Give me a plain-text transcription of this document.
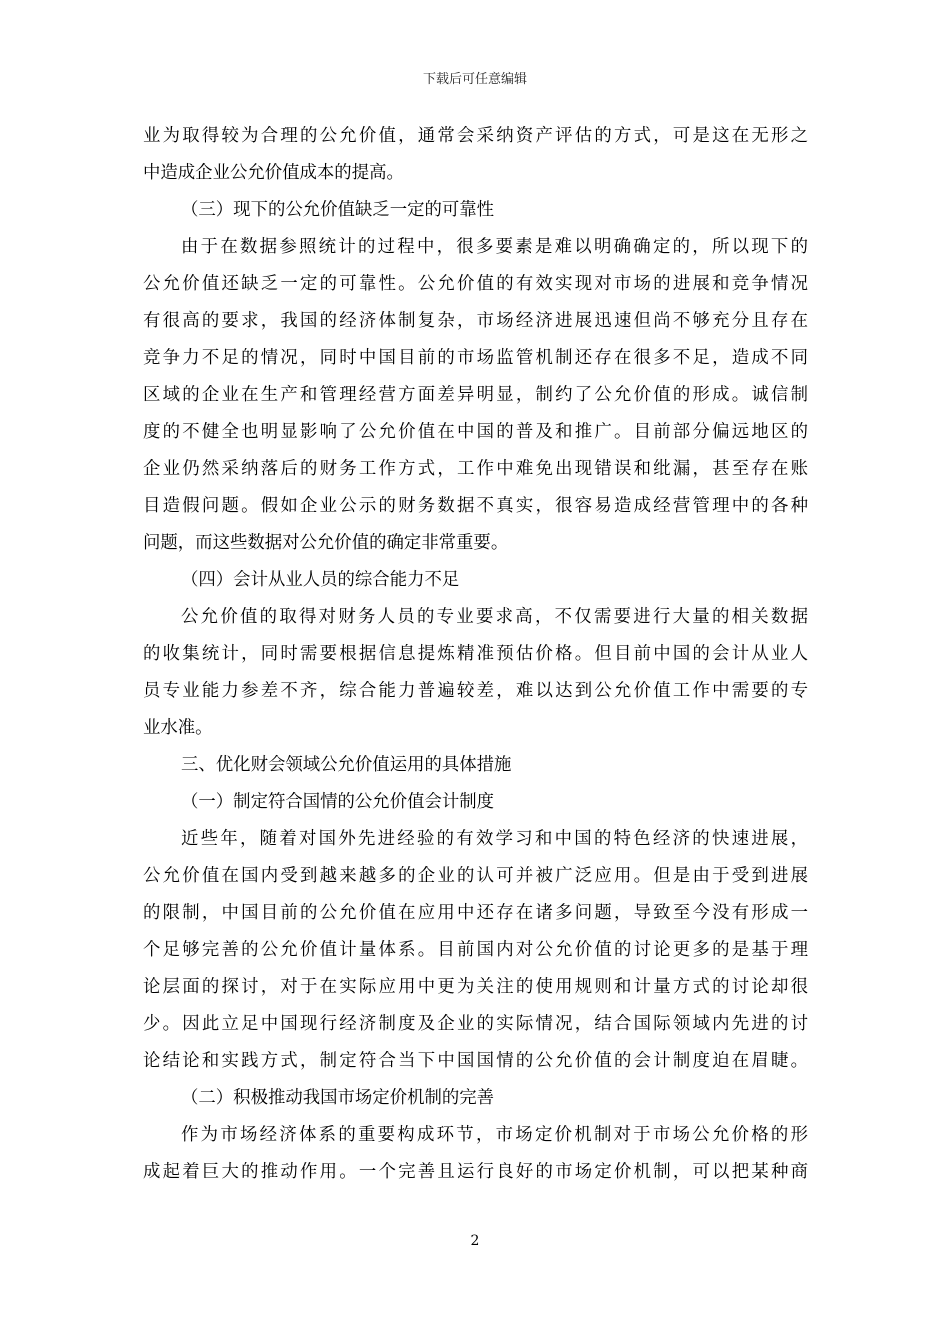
下载后可任意编辑
业为取得较为合理的公允价值，通常会采纳资产评估的方式，可是这在无形之
中造成企业公允价值成本的提高。
（三）现下的公允价值缺乏一定的可靠性
由于在数据参照统计的过程中，很多要素是难以明确确定的，所以现下的
公允价值还缺乏一定的可靠性。公允价值的有效实现对市场的进展和竞争情况
有很高的要求，我国的经济体制复杂，市场经济进展迅速但尚不够充分且存在
竞争力不足的情况，同时中国目前的市场监管机制还存在很多不足，造成不同
区域的企业在生产和管理经营方面差异明显，制约了公允价值的形成。诚信制
度的不健全也明显影响了公允价值在中国的普及和推广。目前部分偏远地区的
企业仍然采纳落后的财务工作方式，工作中难免出现错误和纰漏，甚至存在账
目造假问题。假如企业公示的财务数据不真实，很容易造成经营管理中的各种
问题，而这些数据对公允价值的确定非常重要。
（四）会计从业人员的综合能力不足
公允价值的取得对财务人员的专业要求高，不仅需要进行大量的相关数据
的收集统计，同时需要根据信息提炼精准预估价格。但目前中国的会计从业人
员专业能力参差不齐，综合能力普遍较差，难以达到公允价值工作中需要的专
业水准。
三、优化财会领域公允价值运用的具体措施
（一）制定符合国情的公允价值会计制度
近些年，随着对国外先进经验的有效学习和中国的特色经济的快速进展，
公允价值在国内受到越来越多的企业的认可并被广泛应用。但是由于受到进展
的限制，中国目前的公允价值在应用中还存在诸多问题，导致至今没有形成一
个足够完善的公允价值计量体系。目前国内对公允价值的讨论更多的是基于理
论层面的探讨，对于在实际应用中更为关注的使用规则和计量方式的讨论却很
少。因此立足中国现行经济制度及企业的实际情况，结合国际领域内先进的讨
论结论和实践方式，制定符合当下中国国情的公允价值的会计制度迫在眉睫。
（二）积极推动我国市场定价机制的完善
作为市场经济体系的重要构成环节，市场定价机制对于市场公允价格的形
成起着巨大的推动作用。一个完善且运行良好的市场定价机制，可以把某种商
2
